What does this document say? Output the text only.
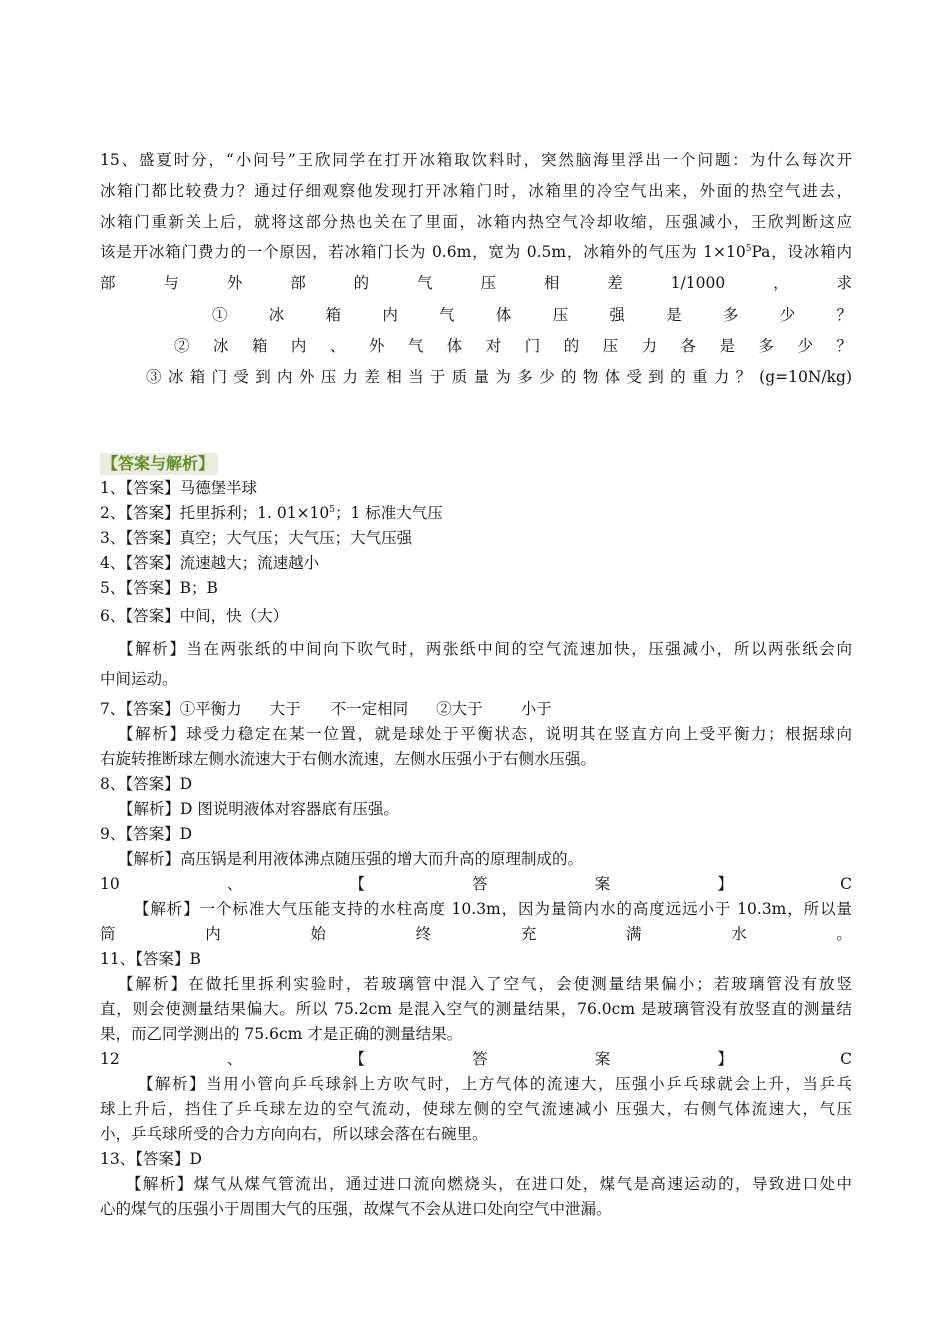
15、盛夏时分，“小问号”王欣同学在打开冰箱取饮料时，突然脑海里浮出一个问题：为什么每次开
冰箱门都比较费力？通过仔细观察他发现打开冰箱门时，冰箱里的冷空气出来，外面的热空气进去，
冰箱门重新关上后，就将这部分热也关在了里面，冰箱内热空气冷却收缩，压强减小，王欣判断这应
该是开冰箱门费力的一个原因，若冰箱门长为 0.6m，宽为 0.5m，冰箱外的气压为 $1\times 10^5Pa$，设冰箱内
部	与	外	部	的	气	压	相	差	1/1000	，	求
①冰箱内气体压强是多少？
②冰箱内、外气体对门的压力各是多少？
③冰箱门受到内外压力差相当于质量为多少的物体受到的重力？ (g=10N/kg)
【答案与解析】
1、【答案】马德堡半球
2、【答案】托里拆利；1. $01\times 10^5$；1 标准大气压
3、【答案】真空；大气压；大气压；大气压强
4、【答案】流速越大；流速越小
5、【答案】B；B
6、【答案】中间，快（大）
【解析】当在两张纸的中间向下吹气时，两张纸中间的空气流速加快，压强减小，所以两张纸会向
中间运动。
7、【答案】①平衡力 大于 不一定相同 ②大于 小于
【解析】球受力稳定在某一位置，就是球处于平衡状态，说明其在竖直方向上受平衡力；根据球向
右旋转推断球左侧水流速大于右侧水流速，左侧水压强小于右侧水压强。
8、【答案】D
【解析】D 图说明液体对容器底有压强。
9、【答案】D
【解析】高压锅是利用液体沸点随压强的增大而升高的原理制成的。
10	、	【	答	案	】	C
【解析】一个标准大气压能支持的水柱高度 10.3m，因为量筒内水的高度远远小于 10.3m，所以量
筒	内	始	终	充	满	水	。
11、【答案】B
【解析】在做托里拆利实验时，若玻璃管中混入了空气，会使测量结果偏小；若玻璃管没有放竖
直，则会使测量结果偏大。所以 75.2cm 是混入空气的测量结果，76.0cm 是玻璃管没有放竖直的测量结
果，而乙同学测出的 75.6cm 才是正确的测量结果。
12	、	【	答	案	】	C
【解析】当用小管向乒乓球斜上方吹气时，上方气体的流速大，压强小乒乓球就会上升，当乒乓
球上升后，挡住了乒乓球左边的空气流动，使球左侧的空气流速减小 压强大，右侧气体流速大，气压
小，乒乓球所受的合力方向向右，所以球会落在右碗里。
13、【答案】D
【解析】煤气从煤气管流出，通过进口流向燃烧头，在进口处，煤气是高速运动的，导致进口处中
心的煤气的压强小于周围大气的压强，故煤气不会从进口处向空气中泄漏。
